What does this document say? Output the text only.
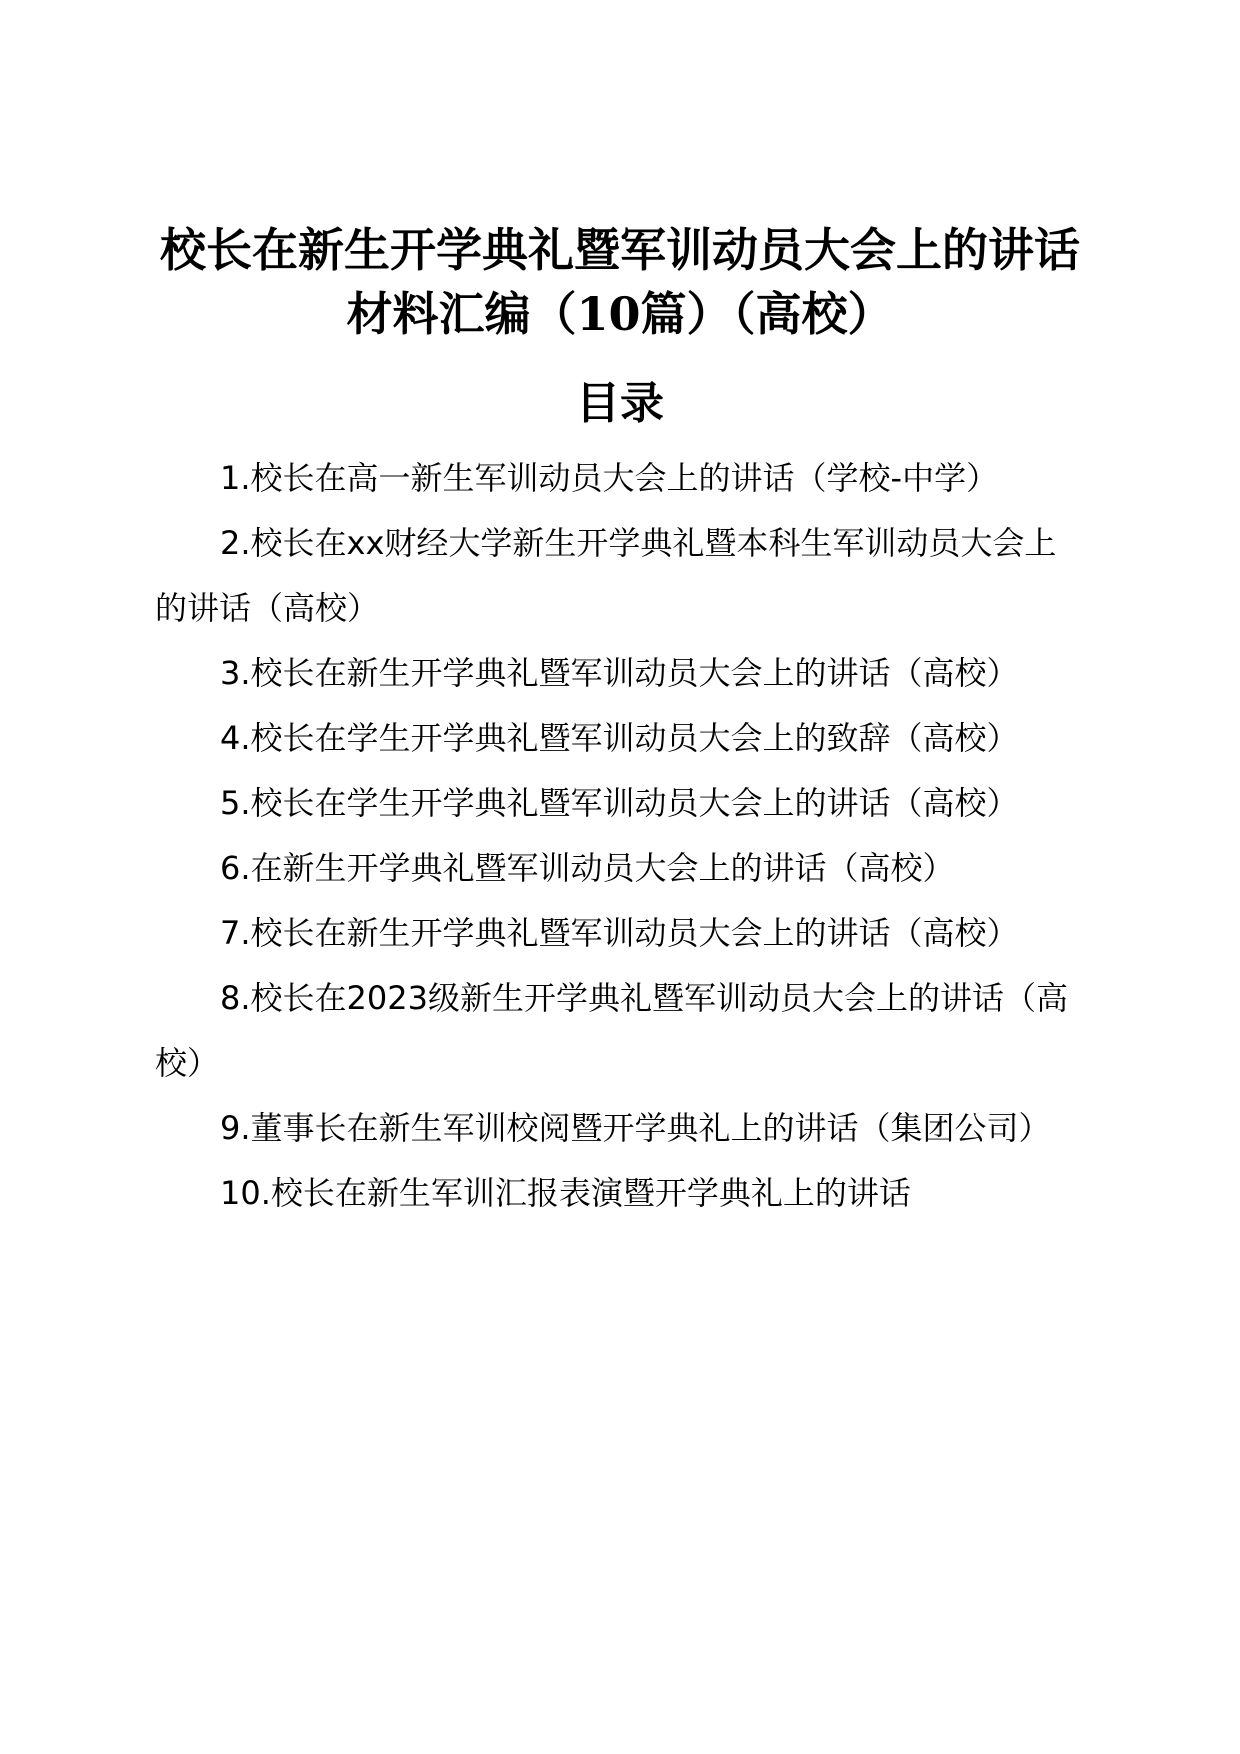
校长在新生开学典礼暨军训动员大会上的讲话
材料汇编（10篇）（高校）
目录
1.校长在高一新生军训动员大会上的讲话（学校-中学）
2.校长在xx财经大学新生开学典礼暨本科生军训动员大会上的讲话（高校）
3.校长在新生开学典礼暨军训动员大会上的讲话（高校）
4.校长在学生开学典礼暨军训动员大会上的致辞（高校）
5.校长在学生开学典礼暨军训动员大会上的讲话（高校）
6.在新生开学典礼暨军训动员大会上的讲话（高校）
7.校长在新生开学典礼暨军训动员大会上的讲话（高校）
8.校长在2023级新生开学典礼暨军训动员大会上的讲话（高校）
9.董事长在新生军训校阅暨开学典礼上的讲话（集团公司）
10.校长在新生军训汇报表演暨开学典礼上的讲话
